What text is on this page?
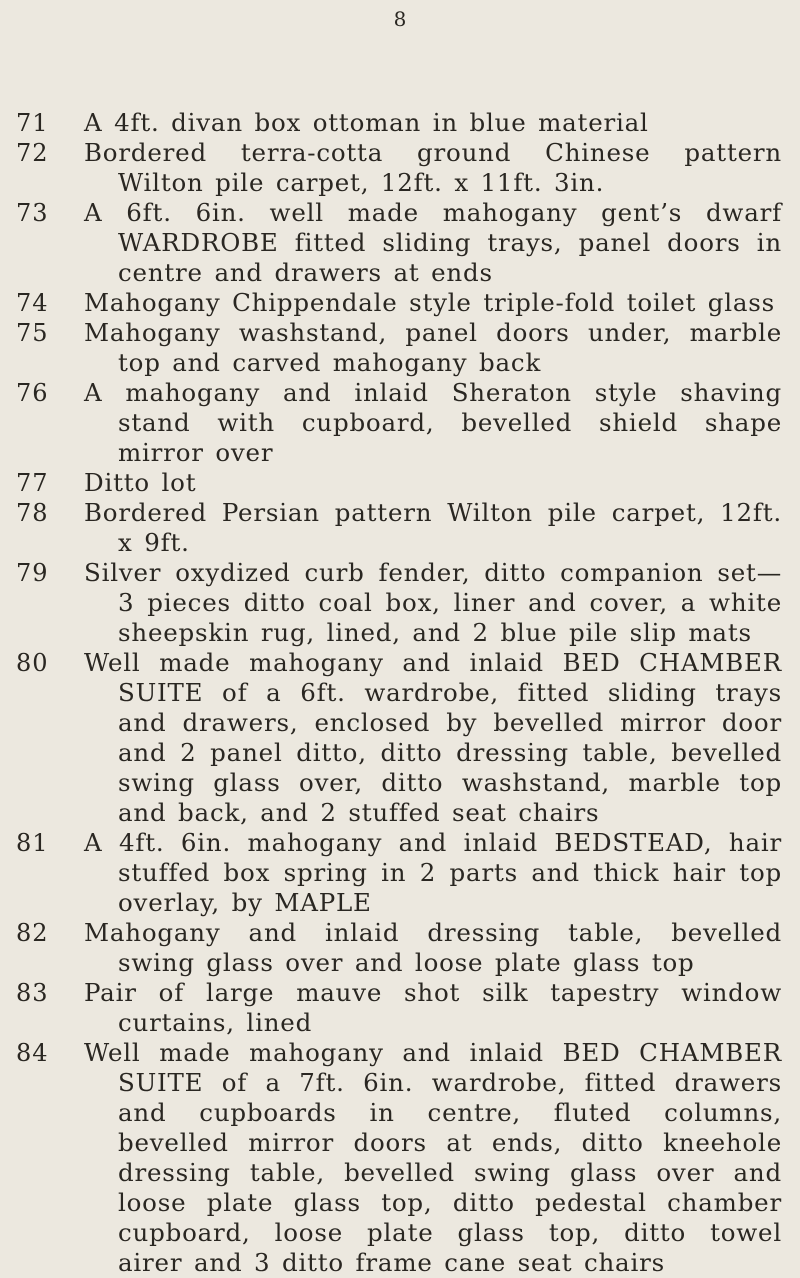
8
71	A 4ft. divan box ottoman in blue material
72	Bordered terra-cotta ground Chinese pattern Wilton pile carpet, 12ft. x 11ft. 3in.
73	A 6ft. 6in. well made mahogany gent’s dwarf WARDROBE fitted sliding trays, panel doors in centre and drawers at ends
74	Mahogany Chippendale style triple-fold toilet glass
75	Mahogany washstand, panel doors under, marble top and carved mahogany back
76	A mahogany and inlaid Sheraton style shaving stand with cupboard, bevelled shield shape mirror over
77	Ditto lot
78	Bordered Persian pattern Wilton pile carpet, 12ft. x 9ft.
79	Silver oxydized curb fender, ditto companion set—3 pieces ditto coal box, liner and cover, a white sheepskin rug, lined, and 2 blue pile slip mats
80	Well made mahogany and inlaid BED CHAMBER SUITE of a 6ft. wardrobe, fitted sliding trays and drawers, enclosed by bevelled mirror door and 2 panel ditto, ditto dressing table, bevelled swing glass over, ditto washstand, marble top and back, and 2 stuffed seat chairs
81	A 4ft. 6in. mahogany and inlaid BEDSTEAD, hair stuffed box spring in 2 parts and thick hair top overlay, by MAPLE
82	Mahogany and inlaid dressing table, bevelled swing glass over and loose plate glass top
83	Pair of large mauve shot silk tapestry window curtains, lined
84	Well made mahogany and inlaid BED CHAMBER SUITE of a 7ft. 6in. wardrobe, fitted drawers and cupboards in centre, fluted columns, bevelled mirror doors at ends, ditto kneehole dressing table, bevelled swing glass over and loose plate glass top, ditto pedestal chamber cupboard, loose plate glass top, ditto towel airer and 3 ditto frame cane seat chairs
